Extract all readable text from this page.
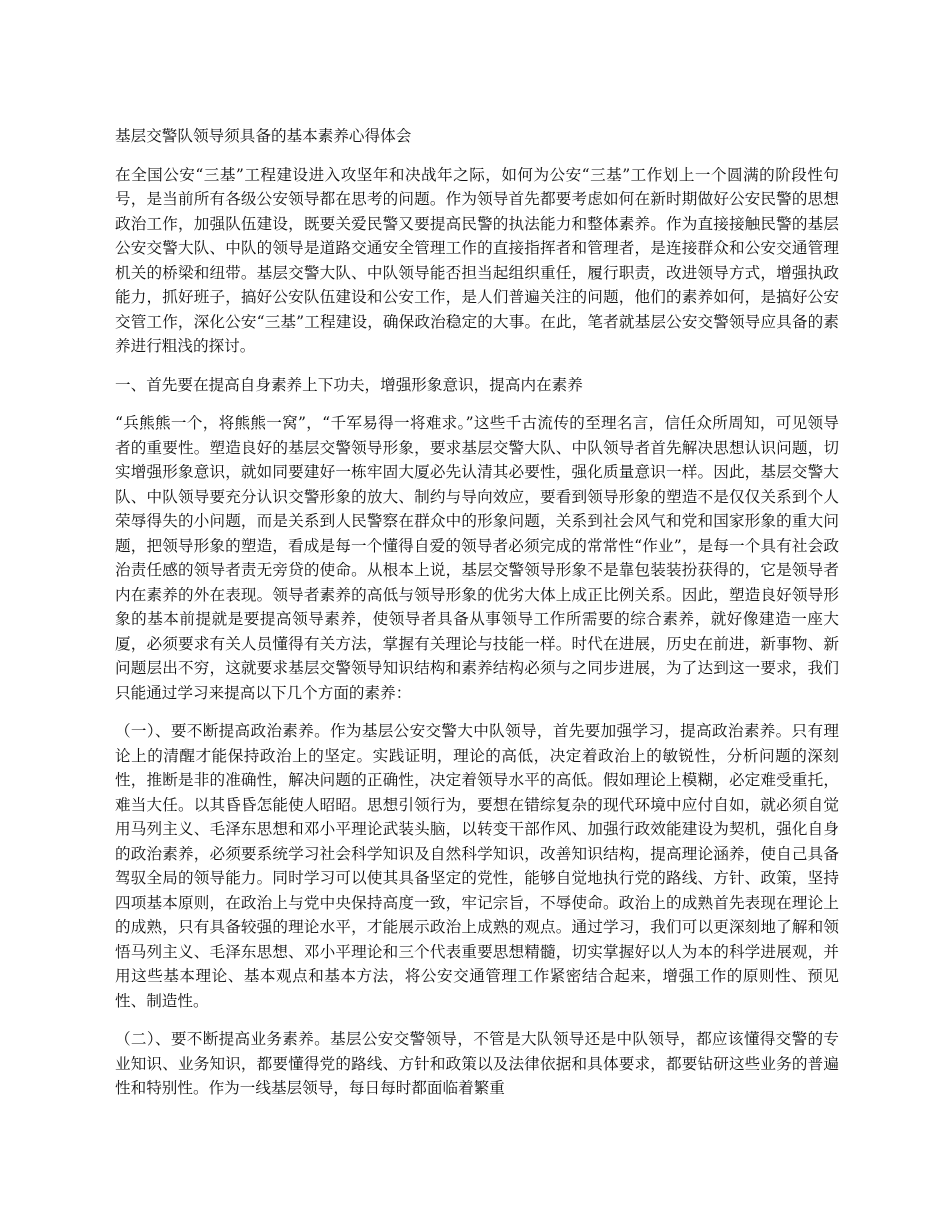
基层交警队领导须具备的基本素养心得体会

在全国公安“三基”工程建设进入攻坚年和决战年之际，如何为公安“三基”工作划上一个圆满的阶段性句号，是当前所有各级公安领导都在思考的问题。作为领导首先都要考虑如何在新时期做好公安民警的思想政治工作，加强队伍建设，既要关爱民警又要提高民警的执法能力和整体素养。作为直接接触民警的基层公安交警大队、中队的领导是道路交通安全管理工作的直接指挥者和管理者，是连接群众和公安交通管理机关的桥梁和纽带。基层交警大队、中队领导能否担当起组织重任，履行职责，改进领导方式，增强执政能力，抓好班子，搞好公安队伍建设和公安工作，是人们普遍关注的问题，他们的素养如何，是搞好公安交管工作，深化公安“三基”工程建设，确保政治稳定的大事。在此，笔者就基层公安交警领导应具备的素养进行粗浅的探讨。

一、首先要在提高自身素养上下功夫，增强形象意识，提高内在素养

“兵熊熊一个，将熊熊一窝”，“千军易得一将难求。”这些千古流传的至理名言，信任众所周知，可见领导者的重要性。塑造良好的基层交警领导形象，要求基层交警大队、中队领导者首先解决思想认识问题，切实增强形象意识，就如同要建好一栋牢固大厦必先认清其必要性，强化质量意识一样。因此，基层交警大队、中队领导要充分认识交警形象的放大、制约与导向效应，要看到领导形象的塑造不是仅仅关系到个人荣辱得失的小问题，而是关系到人民警察在群众中的形象问题，关系到社会风气和党和国家形象的重大问题，把领导形象的塑造，看成是每一个懂得自爱的领导者必须完成的常常性“作业”，是每一个具有社会政治责任感的领导者责无旁贷的使命。从根本上说，基层交警领导形象不是靠包装装扮获得的，它是领导者内在素养的外在表现。领导者素养的高低与领导形象的优劣大体上成正比例关系。因此，塑造良好领导形象的基本前提就是要提高领导素养，使领导者具备从事领导工作所需要的综合素养，就好像建造一座大厦，必须要求有关人员懂得有关方法，掌握有关理论与技能一样。时代在进展，历史在前进，新事物、新问题层出不穷，这就要求基层交警领导知识结构和素养结构必须与之同步进展，为了达到这一要求，我们只能通过学习来提高以下几个方面的素养：

（一）、要不断提高政治素养。作为基层公安交警大中队领导，首先要加强学习，提高政治素养。只有理论上的清醒才能保持政治上的坚定。实践证明，理论的高低，决定着政治上的敏锐性，分析问题的深刻性，推断是非的准确性，解决问题的正确性，决定着领导水平的高低。假如理论上模糊，必定难受重托，难当大任。以其昏昏怎能使人昭昭。思想引领行为，要想在错综复杂的现代环境中应付自如，就必须自觉用马列主义、毛泽东思想和邓小平理论武装头脑，以转变干部作风、加强行政效能建设为契机，强化自身的政治素养，必须要系统学习社会科学知识及自然科学知识，改善知识结构，提高理论涵养，使自己具备驾驭全局的领导能力。同时学习可以使其具备坚定的党性，能够自觉地执行党的路线、方针、政策，坚持四项基本原则，在政治上与党中央保持高度一致，牢记宗旨，不辱使命。政治上的成熟首先表现在理论上的成熟，只有具备较强的理论水平，才能展示政治上成熟的观点。通过学习，我们可以更深刻地了解和领悟马列主义、毛泽东思想、邓小平理论和三个代表重要思想精髓，切实掌握好以人为本的科学进展观，并用这些基本理论、基本观点和基本方法，将公安交通管理工作紧密结合起来，增强工作的原则性、预见性、制造性。

（二）、要不断提高业务素养。基层公安交警领导，不管是大队领导还是中队领导，都应该懂得交警的专业知识、业务知识，都要懂得党的路线、方针和政策以及法律依据和具体要求，都要钻研这些业务的普遍性和特别性。作为一线基层领导，每日每时都面临着繁重
